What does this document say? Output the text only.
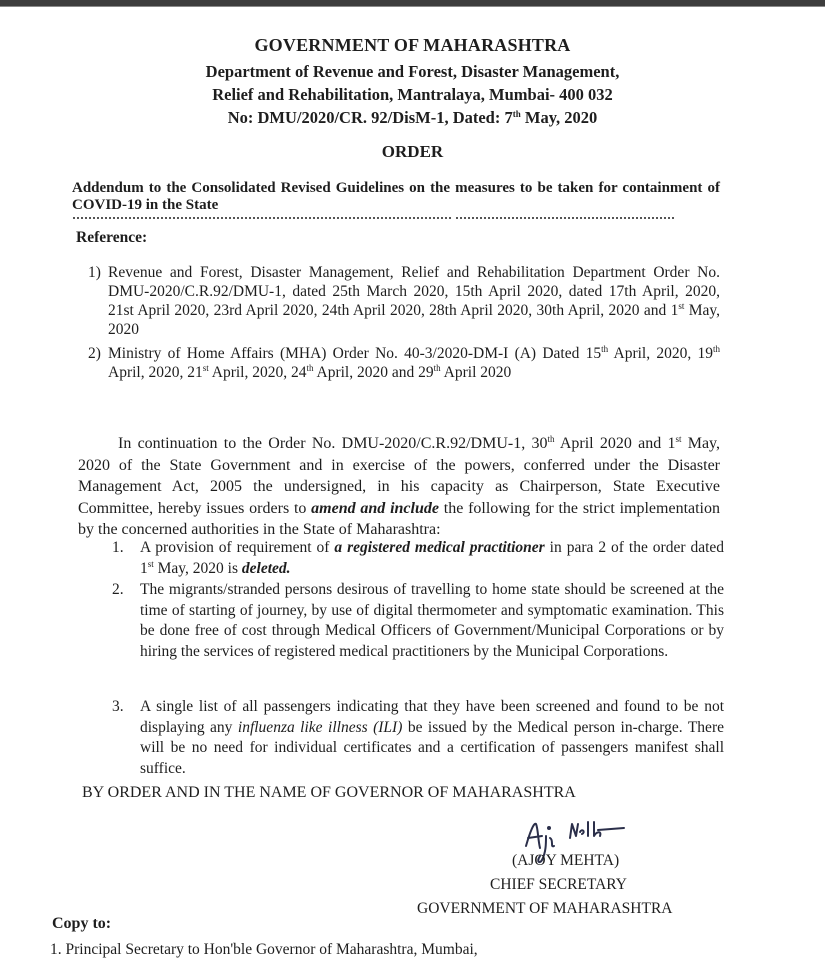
GOVERNMENT OF MAHARASHTRA
Department of Revenue and Forest, Disaster Management,
Relief and Rehabilitation, Mantralaya, Mumbai- 400 032
No: DMU/2020/CR. 92/DisM-1, Dated: 7th May, 2020
ORDER
Addendum to the Consolidated Revised Guidelines on the measures to be taken for containment of COVID-19 in the State
Reference:
1) Revenue and Forest, Disaster Management, Relief and Rehabilitation Department Order No. DMU-2020/C.R.92/DMU-1, dated 25th March 2020, 15th April 2020, dated 17th April, 2020, 21st April 2020, 23rd April 2020, 24th April 2020, 28th April 2020, 30th April, 2020 and 1st May, 2020
2) Ministry of Home Affairs (MHA) Order No. 40-3/2020-DM-I (A) Dated 15th April, 2020, 19th April, 2020, 21st April, 2020, 24th April, 2020 and 29th April 2020
In continuation to the Order No. DMU-2020/C.R.92/DMU-1, 30th April 2020 and 1st May, 2020 of the State Government and in exercise of the powers, conferred under the Disaster Management Act, 2005 the undersigned, in his capacity as Chairperson, State Executive Committee, hereby issues orders to amend and include the following for the strict implementation by the concerned authorities in the State of Maharashtra:
1. A provision of requirement of a registered medical practitioner in para 2 of the order dated 1st May, 2020 is deleted.
2. The migrants/stranded persons desirous of travelling to home state should be screened at the time of starting of journey, by use of digital thermometer and symptomatic examination. This be done free of cost through Medical Officers of Government/Municipal Corporations or by hiring the services of registered medical practitioners by the Municipal Corporations.
3. A single list of all passengers indicating that they have been screened and found to be not displaying any influenza like illness (ILI) be issued by the Medical person in-charge. There will be no need for individual certificates and a certification of passengers manifest shall suffice.
BY ORDER AND IN THE NAME OF GOVERNOR OF MAHARASHTRA
(AJOY MEHTA)
CHIEF SECRETARY
GOVERNMENT OF MAHARASHTRA
Copy to:
1. Principal Secretary to Hon'ble Governor of Maharashtra, Mumbai,
